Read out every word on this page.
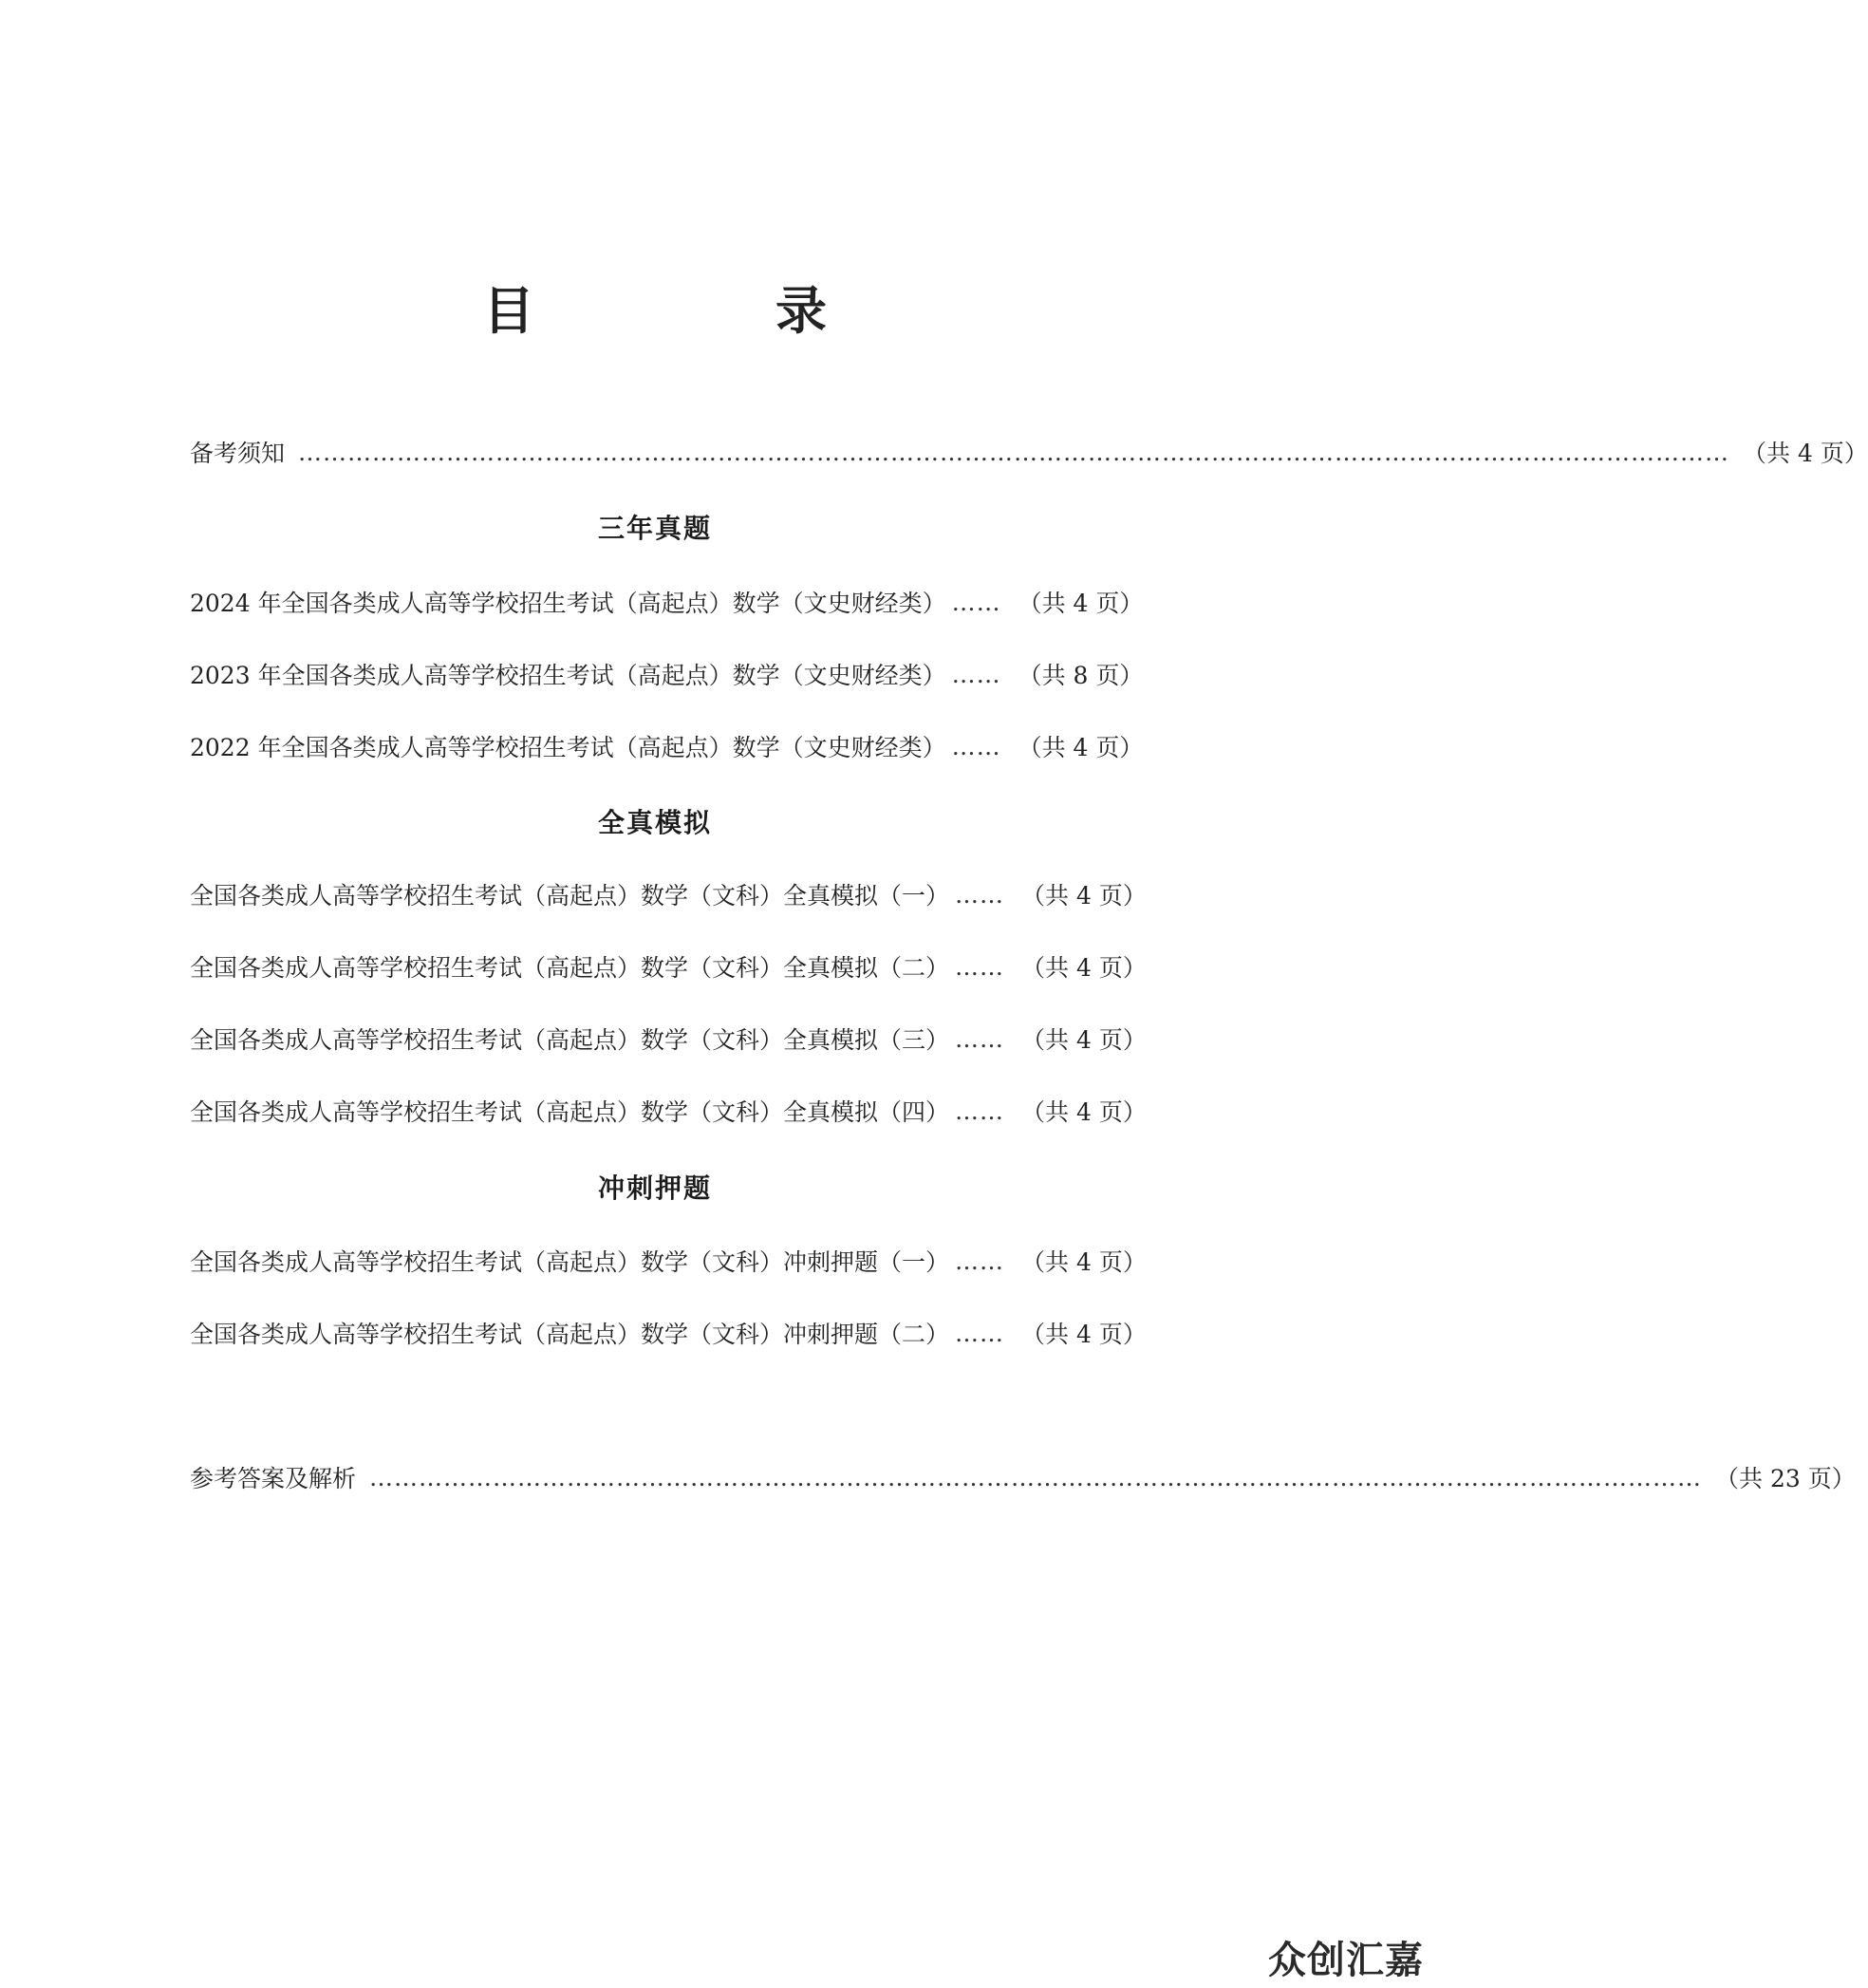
目　录
备考须知 ………………………………………………………………………………………………………………………………………………………… （共 4 页）
三年真题
2024 年全国各类成人高等学校招生考试（高起点）数学（文史财经类） …… （共 4 页）
2023 年全国各类成人高等学校招生考试（高起点）数学（文史财经类） …… （共 8 页）
2022 年全国各类成人高等学校招生考试（高起点）数学（文史财经类） …… （共 4 页）
全真模拟
全国各类成人高等学校招生考试（高起点）数学（文科）全真模拟（一） …… （共 4 页）
全国各类成人高等学校招生考试（高起点）数学（文科）全真模拟（二） …… （共 4 页）
全国各类成人高等学校招生考试（高起点）数学（文科）全真模拟（三） …… （共 4 页）
全国各类成人高等学校招生考试（高起点）数学（文科）全真模拟（四） …… （共 4 页）
冲刺押题
全国各类成人高等学校招生考试（高起点）数学（文科）冲刺押题（一） …… （共 4 页）
全国各类成人高等学校招生考试（高起点）数学（文科）冲刺押题（二） …… （共 4 页）
参考答案及解析 ……………………………………………………………………………………………………………………………………………… （共 23 页）
众创汇嘉
